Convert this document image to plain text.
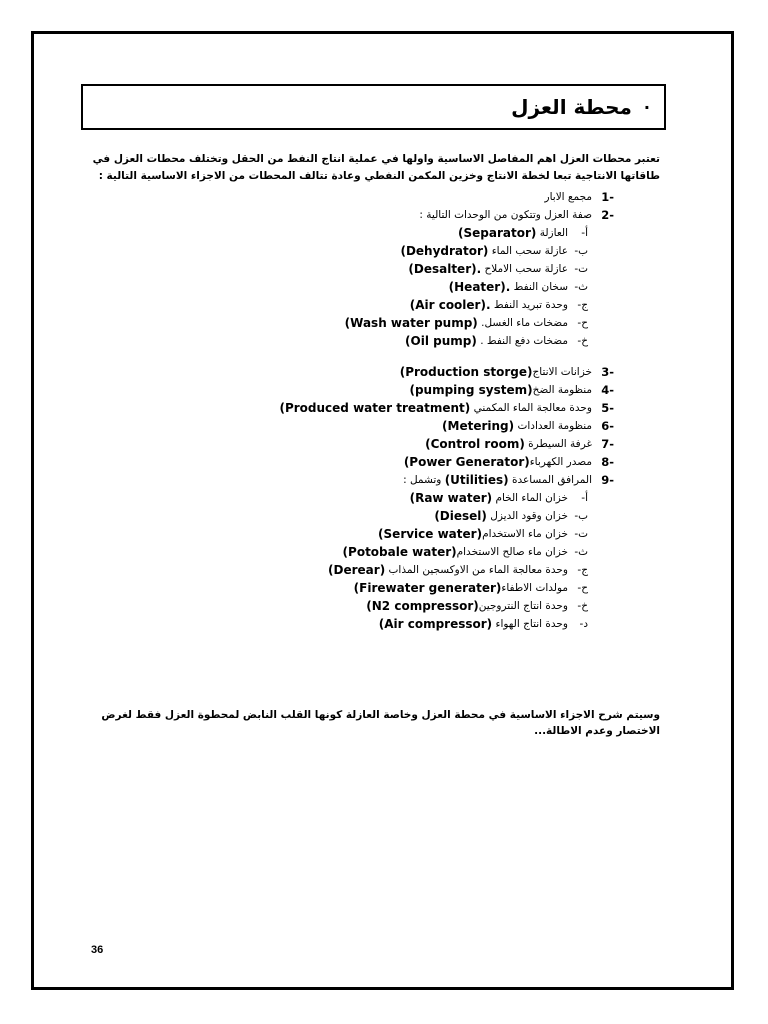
·
محطة العزل

تعتبر محطات العزل اهم المفاصل الاساسية واولها في عملية انتاج النفط من الحقل وتختلف محطات العزل في طاقاتها الانتاجية تبعا لخطة الانتاج وخزين المكمن النفطي وعادة تتالف المحطات من الاجزاء الاساسية التالية :

-1
مجمع الابار
-2
صفة العزل وتتكون من الوحدات التالية :
أ-
العازلة

(Separator)
ب-
عازلة سحب الماء

(Dehydrator)
ت-
عازلة سحب الاملاح

(Desalter).
ث-
سخان النفط

(Heater).
ج-
وحدة تبريد النفط

(Air cooler).
ح-
مضخات ماء الغسل.

(Wash water pump)
خ-
مضخات دفع النفط .

(Oil pump)
-3
خزانات الانتاج
(Production storge)
-4
منظومة الضخ
(pumping system)
-5
وحدة معالجة الماء المكمني

(Produced water treatment)
-6
منظومة العدادات

(Metering)
-7
غرفة السيطرة

(Control room)
-8
مصدر الكهرباء
(Power Generator)
-9
المرافق المساعدة

(Utilities)

وتشمل :
أ-
خزان الماء الخام

(Raw water)
ب-
خزان وقود الديزل

(Diesel)
ت-
خزان ماء الاستخدام
(Service water)
ث-
خزان ماء صالح الاستخدام
(Potobale water)
ج-
وحدة معالجة الماء من الاوكسجين المذاب

(Derear)
ح-
مولدات الاطفاء
(Firewater generater)
خ-
وحدة انتاج النتروجين
(N2 compressor)
د-
وحدة انتاج الهواء

(Air compressor)

وسيتم شرح الاجزاء الاساسية في محطة العزل وخاصة العازلة كونها القلب النابض لمحطوة العزل فقط لغرض الاختصار وعدم الاطالة...

36
